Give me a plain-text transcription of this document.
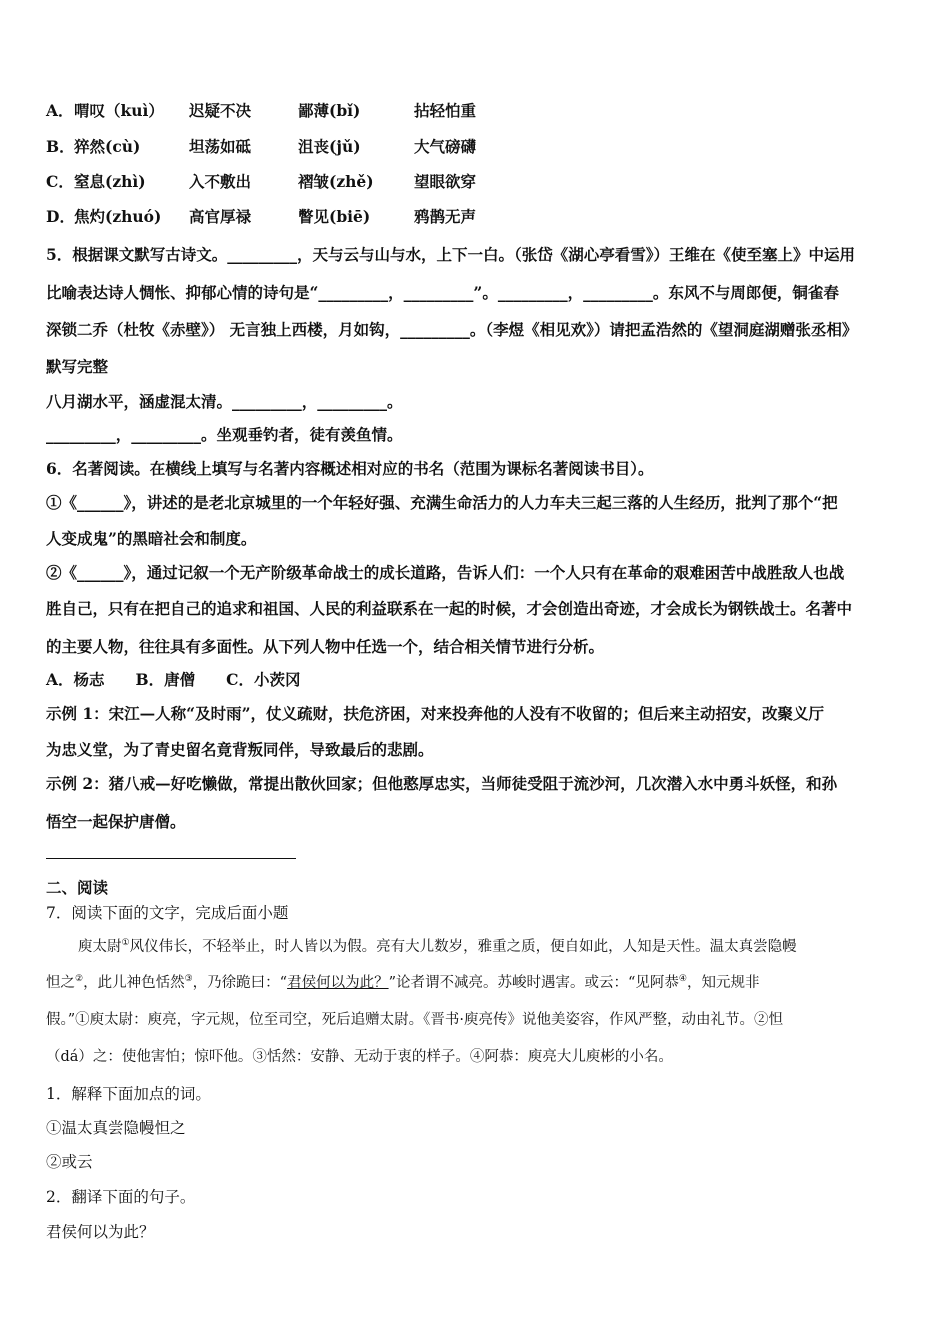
A． 喟叹（kuì） 迟疑不决	鄙薄(bǐ)	拈轻怕重
B． 猝然(cù)	坦荡如砥	沮丧(jǔ)	大气磅礴
C． 窒息(zhì)	入不敷出	褶皱(zhě)	望眼欲穿
D． 焦灼(zhuó) 高官厚禄	瞥见(biē)	鸦鹊无声
5．根据课文默写古诗文。_________，天与云与山与水，上下一白。（张岱《湖心亭看雪》）王维在《使至塞上》中运用
比喻表达诗人惆怅、抑郁心情的诗句是“_________，_________”。_________，_________。东风不与周郎便，铜雀春
深锁二乔（杜牧《赤壁》） 无言独上西楼，月如钩，_________。（李煜《相见欢》）请把孟浩然的《望洞庭湖赠张丞相》
默写完整
八月湖水平，涵虚混太清。_________，_________。
_________，_________。坐观垂钓者，徒有羡鱼情。
6．名著阅读。在横线上填写与名著内容概述相对应的书名（范围为课标名著阅读书目）。
①《______》，讲述的是老北京城里的一个年轻好强、充满生命活力的人力车夫三起三落的人生经历，批判了那个“把
人变成鬼”的黑暗社会和制度。
②《______》，通过记叙一个无产阶级革命战士的成长道路，告诉人们：一个人只有在革命的艰难困苦中战胜敌人也战
胜自己，只有在把自己的追求和祖国、人民的利益联系在一起的时候，才会创造出奇迹，才会成长为钢铁战士。名著中
的主要人物，往往具有多面性。从下列人物中任选一个，结合相关情节进行分析。
A．杨志　　B．唐僧　　C．小茨冈
示例 1：宋江—人称“及时雨”，仗义疏财，扶危济困，对来投奔他的人没有不收留的；但后来主动招安，改聚义厅
为忠义堂，为了青史留名竟背叛同伴，导致最后的悲剧。
示例 2：猪八戒—好吃懒做，常提出散伙回家；但他憨厚忠实，当师徒受阻于流沙河，几次潜入水中勇斗妖怪，和孙
悟空一起保护唐僧。
二、阅读
7．阅读下面的文字，完成后面小题
庾太尉①风仪伟长，不轻举止，时人皆以为假。亮有大儿数岁，雅重之质，便自如此，人知是天性。温太真尝隐幔
怛之②，此儿神色恬然③，乃徐跪曰：“君侯何以为此？”论者谓不减亮。苏峻时遇害。或云：“见阿恭④，知元规非
假。”①庾太尉：庾亮，字元规，位至司空，死后追赠太尉。《晋书·庾亮传》说他美姿容，作风严整，动由礼节。②怛
（dá）之：使他害怕；惊吓他。③恬然：安静、无动于衷的样子。④阿恭：庾亮大儿庾彬的小名。
1．解释下面加点的词。
①温太真尝隐幔怛之
②或云
2．翻译下面的句子。
君侯何以为此？
